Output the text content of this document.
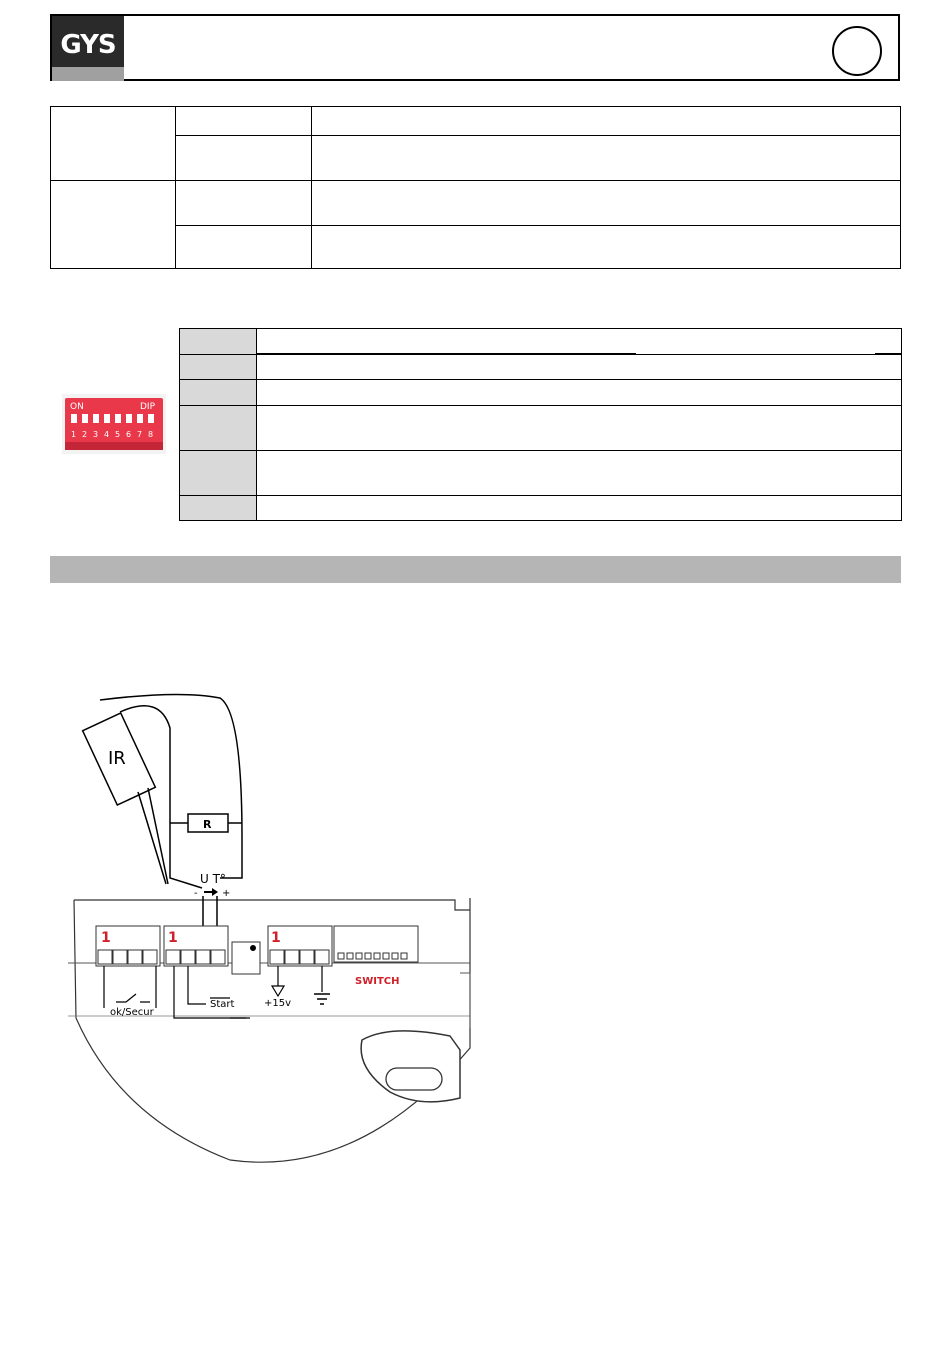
GYS
ON	DIP
1 2 3 4 5 6 7 8
IR
R
U T°
- +
1	1	1
SWITCH
ok/Secur
Start	+15v
